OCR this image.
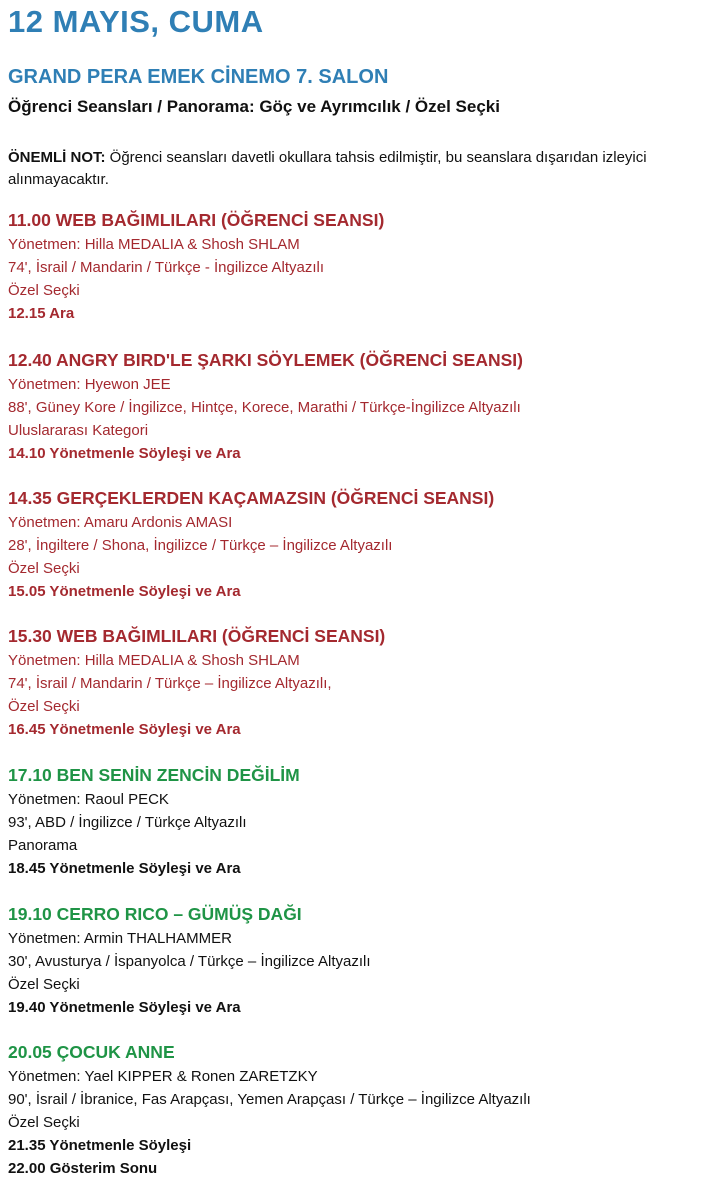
12 MAYIS, CUMA
GRAND PERA EMEK CİNEMO 7. SALON
Öğrenci Seansları / Panorama: Göç ve Ayrımcılık / Özel Seçki
ÖNEMLİ NOT: Öğrenci seansları davetli okullara tahsis edilmiştir, bu seanslara dışarıdan izleyici alınmayacaktır.
11.00 WEB BAĞIMLILARI (ÖĞRENCİ SEANSI)
Yönetmen: Hilla MEDALIA & Shosh SHLAM
74', İsrail / Mandarin / Türkçe - İngilizce Altyazılı
Özel Seçki
12.15 Ara
12.40 ANGRY BIRD'LE ŞARKI SÖYLEMEK (ÖĞRENCİ SEANSI)
Yönetmen: Hyewon JEE
88', Güney Kore / İngilizce, Hintçe, Korece, Marathi / Türkçe-İngilizce Altyazılı
Uluslararası Kategori
14.10 Yönetmenle Söyleşi ve Ara
14.35 GERÇEKLERDEN KAÇAMAZSIN (ÖĞRENCİ SEANSI)
Yönetmen: Amaru Ardonis AMASI
28', İngiltere / Shona, İngilizce / Türkçe – İngilizce Altyazılı
Özel Seçki
15.05 Yönetmenle Söyleşi ve Ara
15.30 WEB BAĞIMLILARI (ÖĞRENCİ SEANSI)
Yönetmen: Hilla MEDALIA & Shosh SHLAM
74', İsrail / Mandarin / Türkçe – İngilizce Altyazılı,
Özel Seçki
16.45 Yönetmenle Söyleşi ve Ara
17.10 BEN SENİN ZENCİN DEĞİLİM
Yönetmen: Raoul PECK
93', ABD / İngilizce / Türkçe Altyazılı
Panorama
18.45 Yönetmenle Söyleşi ve Ara
19.10 CERRO RICO – GÜMÜŞ DAĞI
Yönetmen: Armin THALHAMMER
30', Avusturya / İspanyolca / Türkçe – İngilizce Altyazılı
Özel Seçki
19.40 Yönetmenle Söyleşi ve Ara
20.05 ÇOCUK ANNE
Yönetmen: Yael KIPPER & Ronen ZARETZKY
90', İsrail / İbranice, Fas Arapçası, Yemen Arapçası / Türkçe – İngilizce Altyazılı
Özel Seçki
21.35 Yönetmenle Söyleşi
22.00 Gösterim Sonu
